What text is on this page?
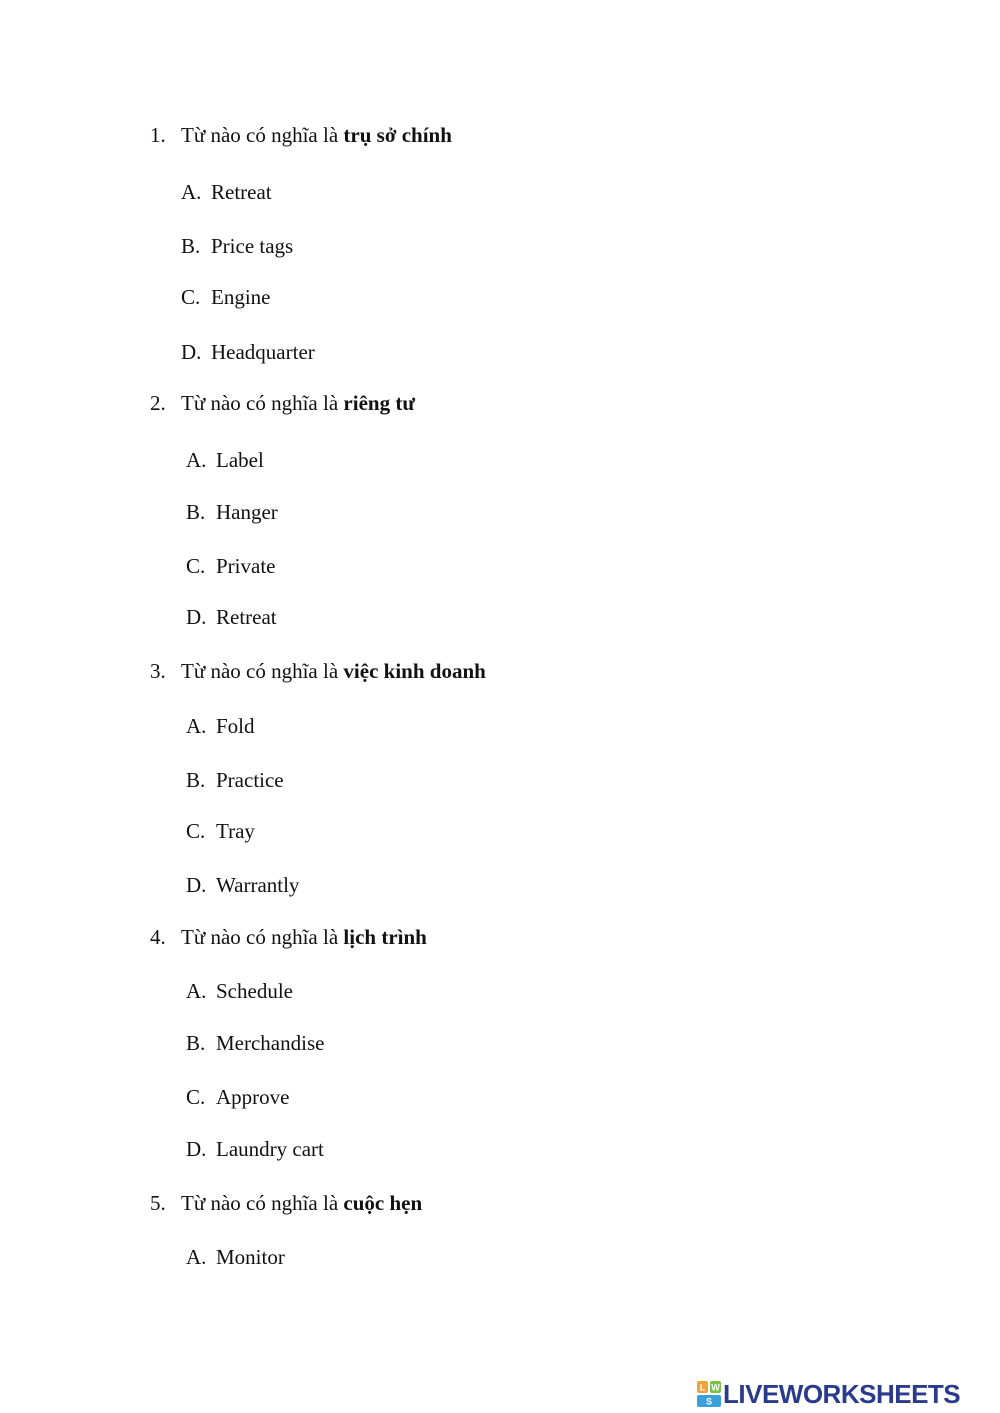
1. Từ nào có nghĩa là trụ sở chính
A. Retreat
B. Price tags
C. Engine
D. Headquarter
2. Từ nào có nghĩa là riêng tư
A. Label
B. Hanger
C. Private
D. Retreat
3. Từ nào có nghĩa là việc kinh doanh
A. Fold
B. Practice
C. Tray
D. Warrantly
4. Từ nào có nghĩa là lịch trình
A. Schedule
B. Merchandise
C. Approve
D. Laundry cart
5. Từ nào có nghĩa là cuộc hẹn
A. Monitor
L W
S LIVEWORKSHEETS
